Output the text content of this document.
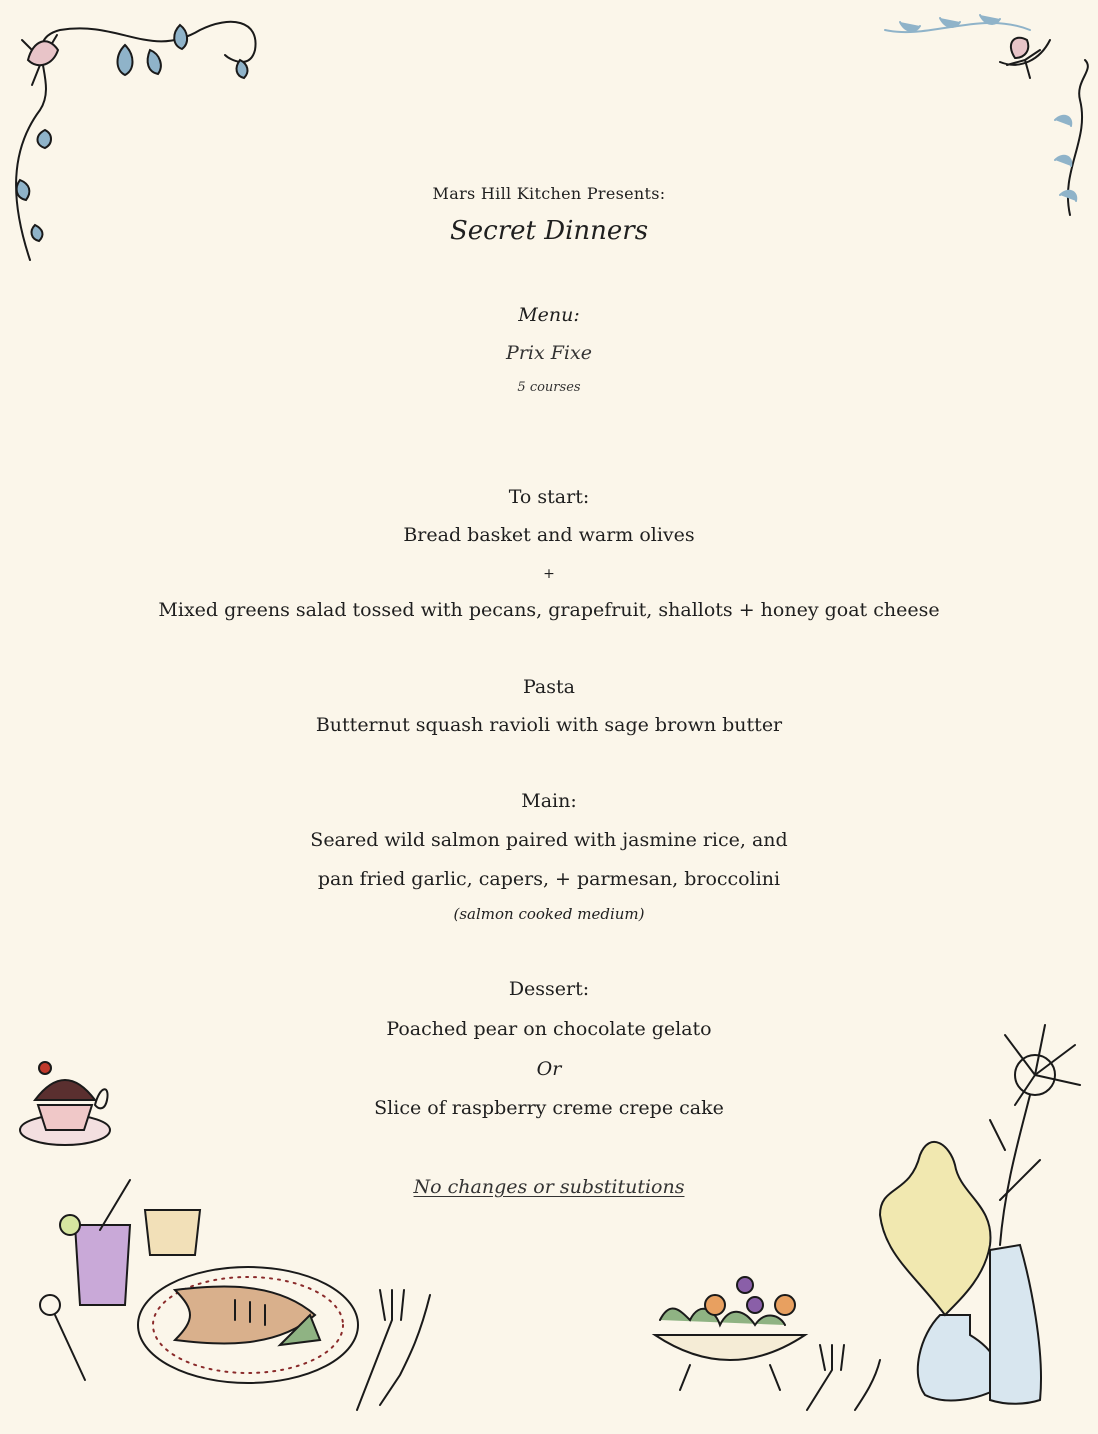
Mars Hill Kitchen Presents:
Secret Dinners
Menu:
Prix Fixe
5 courses
To start:
Bread basket and warm olives
+
Mixed greens salad tossed with pecans, grapefruit, shallots + honey goat cheese
Pasta
Butternut squash ravioli with sage brown butter
Main:
Seared wild salmon paired with jasmine rice, and
pan fried garlic, capers, + parmesan, broccolini
(salmon cooked medium)
Dessert:
Poached pear on chocolate gelato
Or
Slice of raspberry creme crepe cake
No changes or substitutions
